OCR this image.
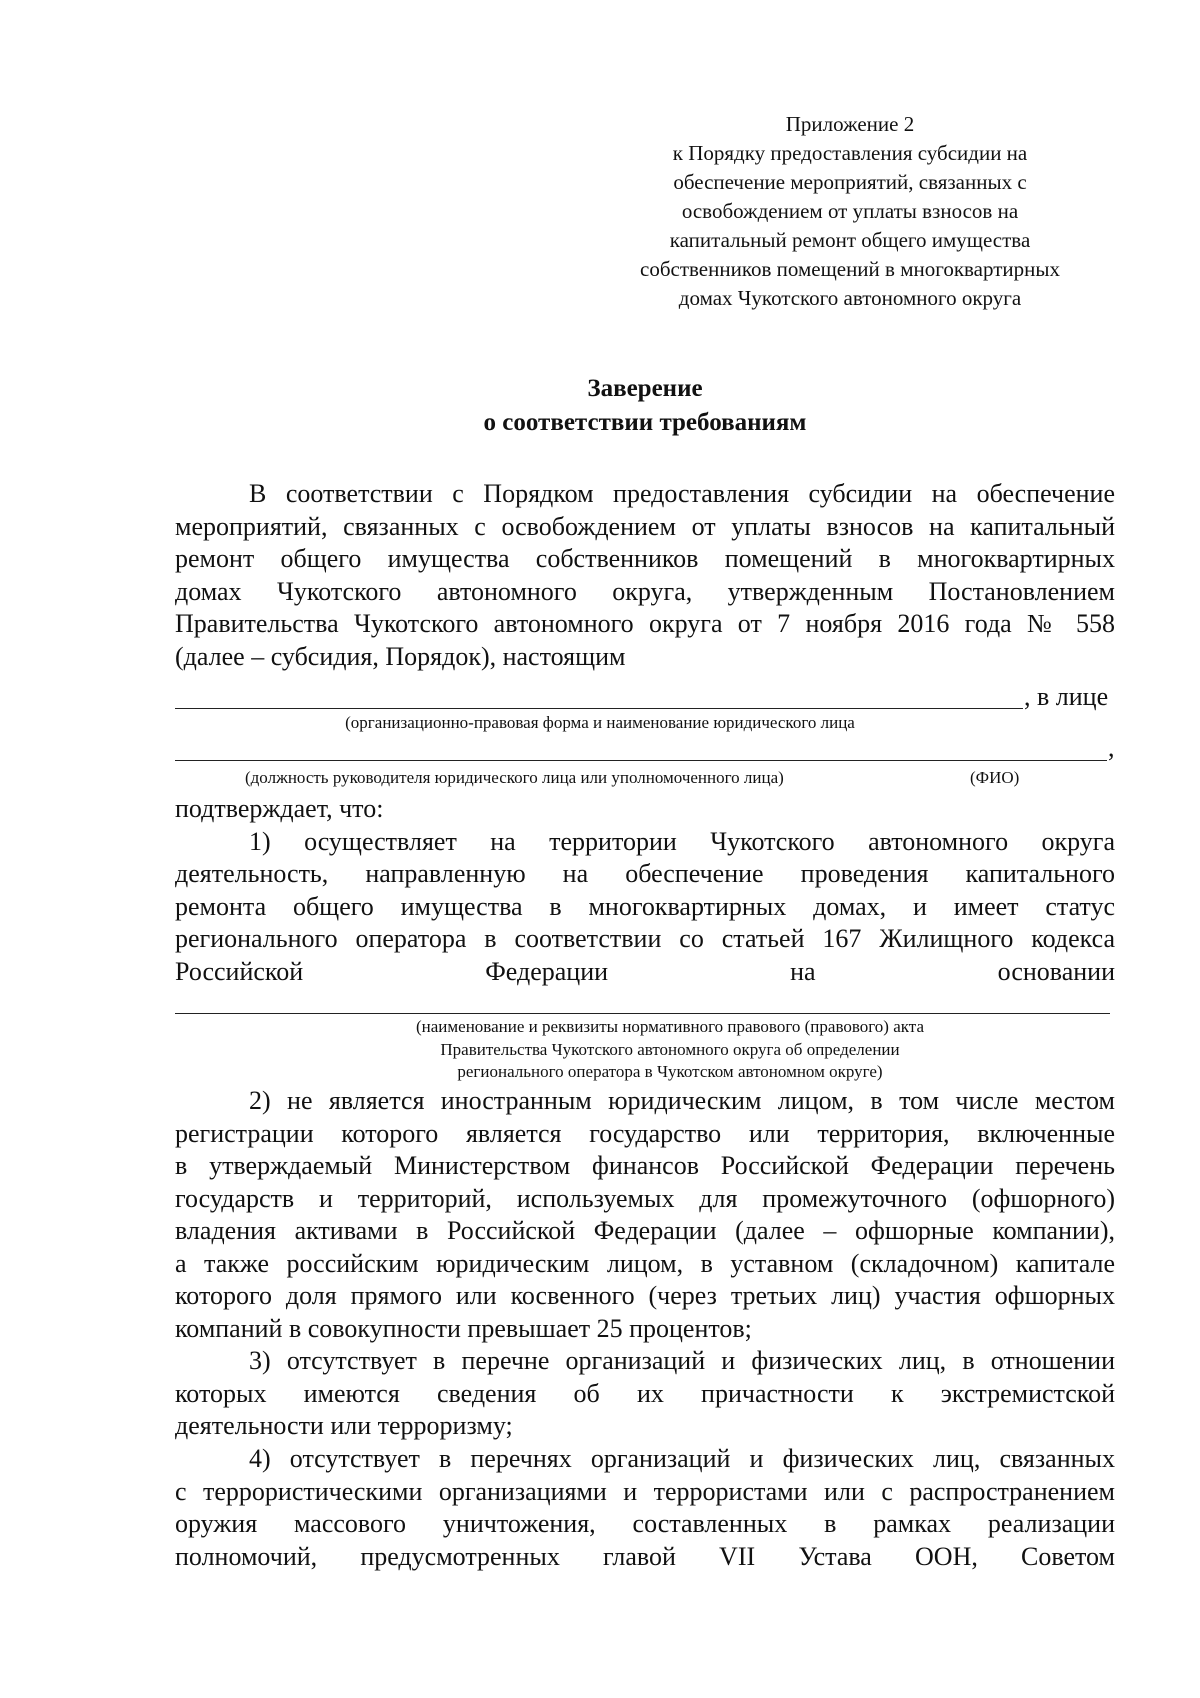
Приложение 2
к Порядку предоставления субсидии на
обеспечение мероприятий, связанных с
освобождением от уплаты взносов на
капитальный ремонт общего имущества
собственников помещений в многоквартирных
домах Чукотского автономного округа
Заверение
о соответствии требованиям
В соответствии с Порядком предоставления субсидии на обеспечение
мероприятий, связанных с освобождением от уплаты взносов на капитальный
ремонт общего имущества собственников помещений в многоквартирных
домах Чукотского автономного округа, утвержденным Постановлением
Правительства Чукотского автономного округа от 7 ноября 2016 года № 558
(далее – субсидия, Порядок), настоящим
, в лице
(организационно-правовая форма и наименование юридического лица
,
(должность руководителя юридического лица или уполномоченного лица)	(ФИО)
подтверждает, что:
1) осуществляет на территории Чукотского автономного округа
деятельность, направленную на обеспечение проведения капитального
ремонта общего имущества в многоквартирных домах, и имеет статус
регионального оператора в соответствии со статьей 167 Жилищного кодекса
Российской Федерации на основании
(наименование и реквизиты нормативного правового (правового) акта
Правительства Чукотского автономного округа об определении
регионального оператора в Чукотском автономном округе)
2) не является иностранным юридическим лицом, в том числе местом
регистрации которого является государство или территория, включенные
в утверждаемый Министерством финансов Российской Федерации перечень
государств и территорий, используемых для промежуточного (офшорного)
владения активами в Российской Федерации (далее – офшорные компании),
а также российским юридическим лицом, в уставном (складочном) капитале
которого доля прямого или косвенного (через третьих лиц) участия офшорных
компаний в совокупности превышает 25 процентов;
3) отсутствует в перечне организаций и физических лиц, в отношении
которых имеются сведения об их причастности к экстремистской
деятельности или терроризму;
4) отсутствует в перечнях организаций и физических лиц, связанных
с террористическими организациями и террористами или с распространением
оружия массового уничтожения, составленных в рамках реализации
полномочий, предусмотренных главой VII Устава ООН, Советом
